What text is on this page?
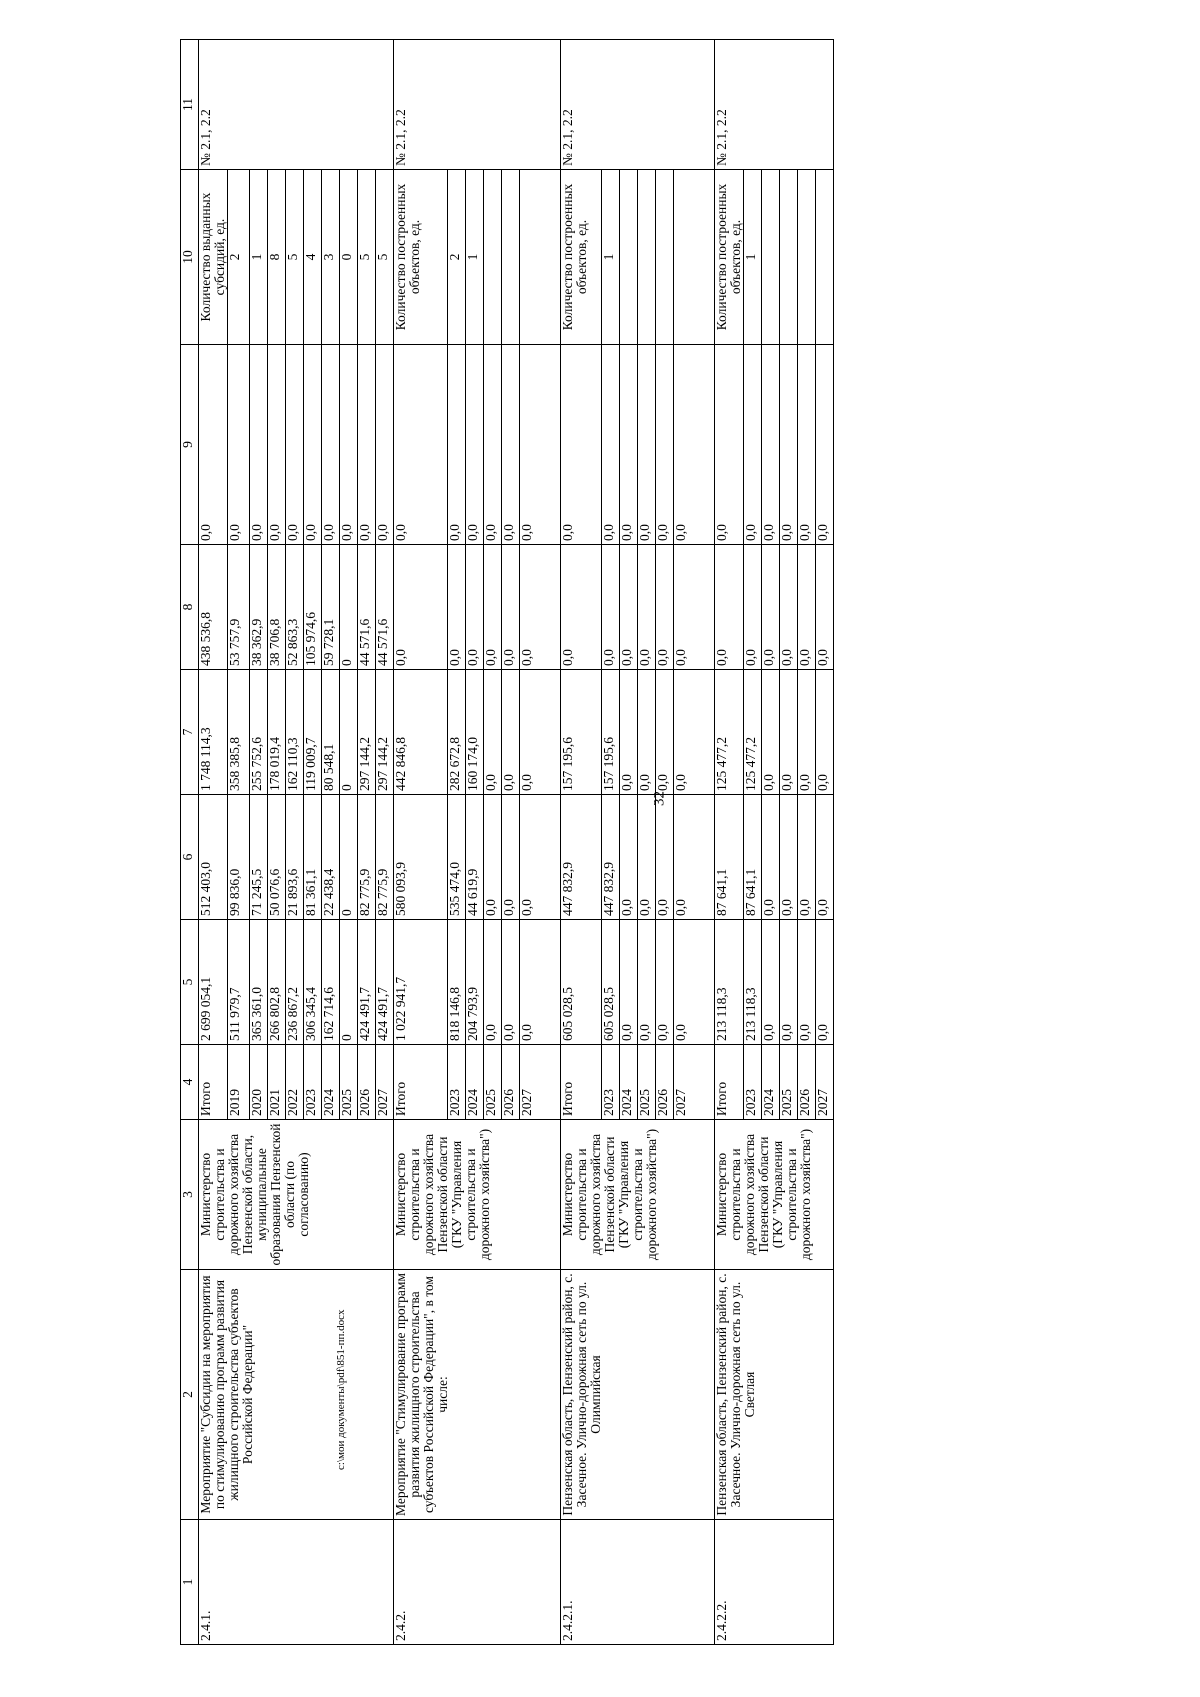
32
1	2	3	4	5	6	7	8	9	10	11
2.4.1.	Мероприятие "Субсидии на мероприятия по стимулированию программ развития жилищного строительства субъектов Российской Федерации"	Министерство строительства и дорожного хозяйства Пензенской области, муниципальные образования Пензенской области (по согласованию)	Итого	2 699 054,1	512 403,0	1 748 114,3	438 536,8	0,0	Количество выданных субсидий, ед.	№ 2.1, 2.2
			2019	511 979,7	99 836,0	358 385,8	53 757,9	0,0	2	
			2020	365 361,0	71 245,5	255 752,6	38 362,9	0,0	1	
			2021	266 802,8	50 076,6	178 019,4	38 706,8	0,0	8	
			2022	236 867,2	21 893,6	162 110,3	52 863,3	0,0	5	
			2023	306 345,4	81 361,1	119 009,7	105 974,6	0,0	4	
			2024	162 714,6	22 438,4	80 548,1	59 728,1	0,0	3	
			2025	0	0	0	0	0,0	0	
			2026	424 491,7	82 775,9	297 144,2	44 571,6	0,0	5	
			2027	424 491,7	82 775,9	297 144,2	44 571,6	0,0	5	
2.4.2.	Мероприятие "Стимулирование программ развития жилищного строительства субъектов Российской Федерации", в том числе:	Министерство строительства и дорожного хозяйства Пензенской области (ГКУ "Управления строительства и дорожного хозяйства")	Итого	1 022 941,7	580 093,9	442 846,8	0,0	0,0	Количество построенных объектов, ед.	№ 2.1, 2.2
			2023	818 146,8	535 474,0	282 672,8	0,0	0,0	2	
			2024	204 793,9	44 619,9	160 174,0	0,0	0,0	1	
			2025	0,0	0,0	0,0	0,0	0,0		
			2026	0,0	0,0	0,0	0,0	0,0		
			2027	0,0	0,0	0,0	0,0	0,0		
2.4.2.1.	Пензенская область, Пензенский район, с. Засечное. Улично-дорожная сеть по ул. Олимпийская	Министерство строительства и дорожного хозяйства Пензенской области (ГКУ "Управления строительства и дорожного хозяйства")	Итого	605 028,5	447 832,9	157 195,6	0,0	0,0	Количество построенных объектов, ед.	№ 2.1, 2.2
			2023	605 028,5	447 832,9	157 195,6	0,0	0,0	1	
			2024	0,0	0,0	0,0	0,0	0,0		
			2025	0,0	0,0	0,0	0,0	0,0		
			2026	0,0	0,0	0,0	0,0	0,0		
			2027	0,0	0,0	0,0	0,0	0,0		
2.4.2.2.	Пензенская область, Пензенский район, с. Засечное. Улично-дорожная сеть по ул. Светлая	Министерство строительства и дорожного хозяйства Пензенской области (ГКУ "Управления строительства и дорожного хозяйства")	Итого	213 118,3	87 641,1	125 477,2	0,0	0,0	Количество построенных объектов, ед.	№ 2.1, 2.2
			2023	213 118,3	87 641,1	125 477,2	0,0	0,0	1	
			2024	0,0	0,0	0,0	0,0	0,0		
			2025	0,0	0,0	0,0	0,0	0,0		
			2026	0,0	0,0	0,0	0,0	0,0		
			2027	0,0	0,0	0,0	0,0	0,0		
c:\мои документы\pdf\851-пп.docx
